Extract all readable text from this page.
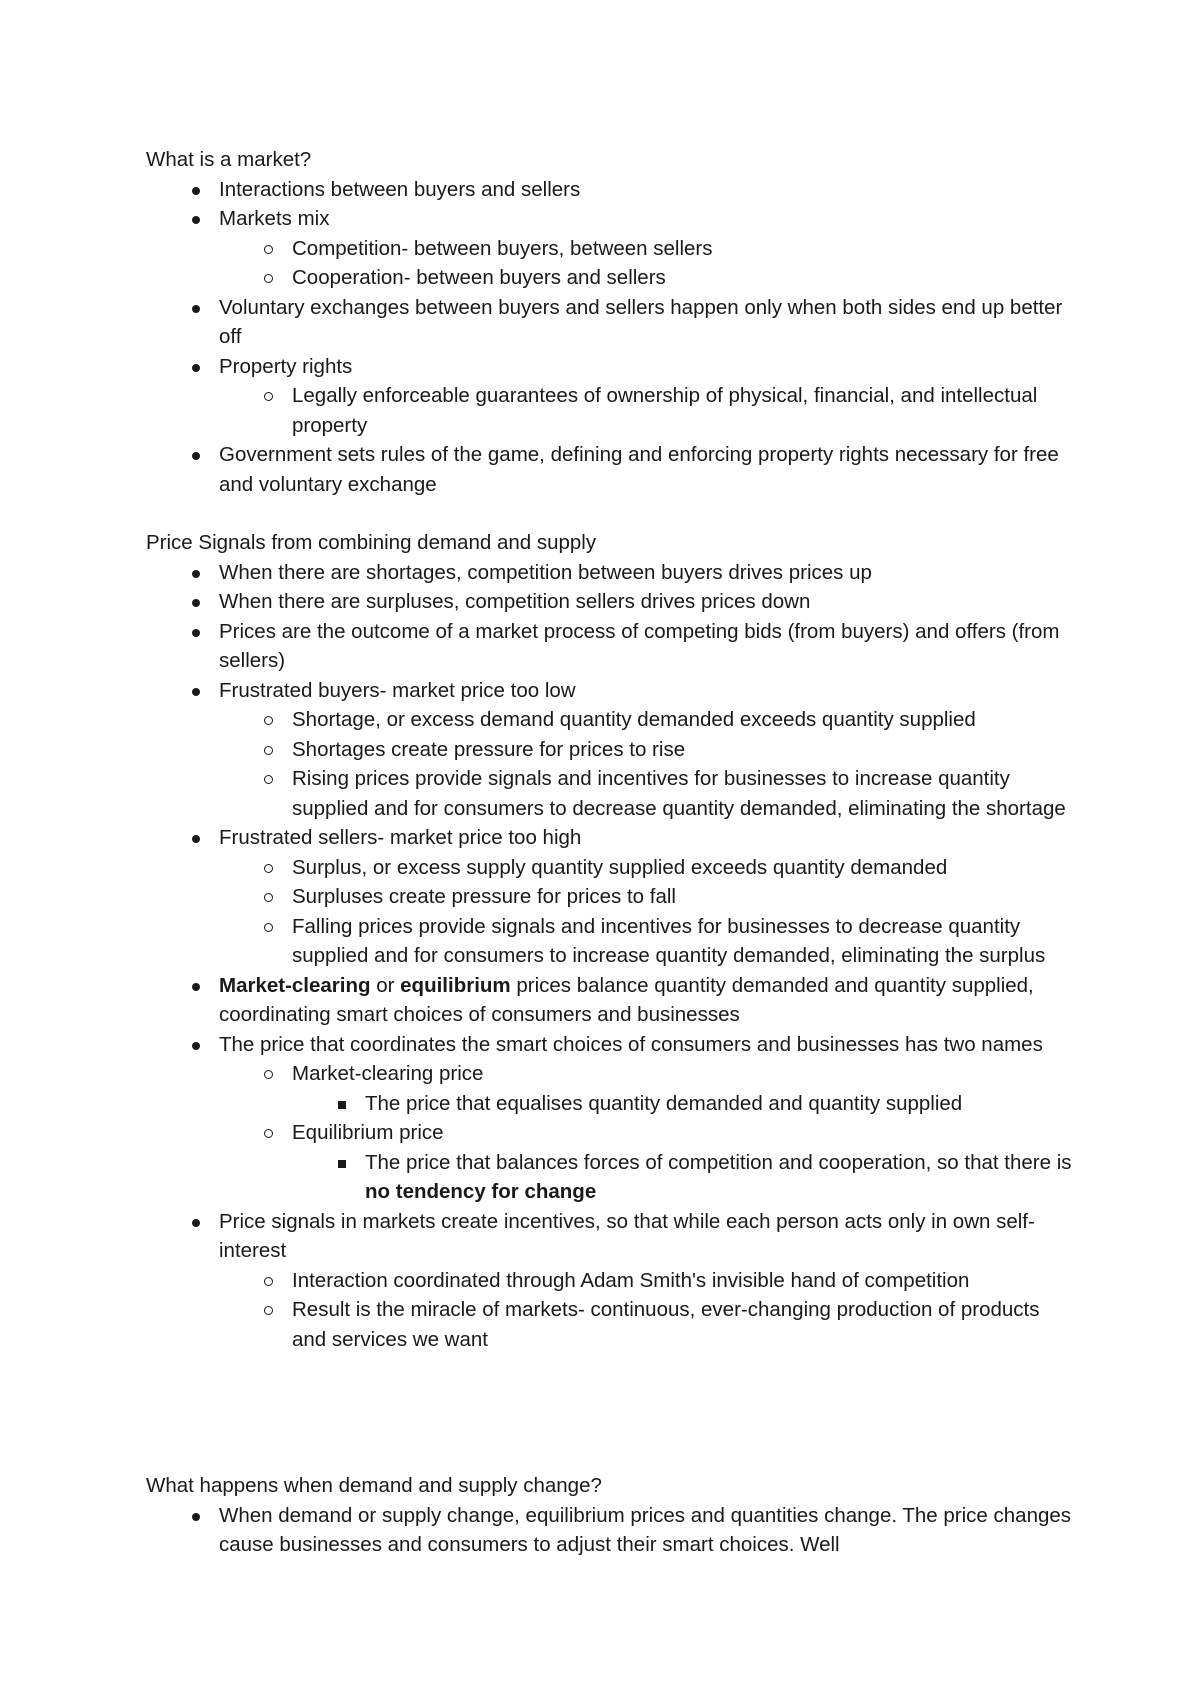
What is a market?

Interactions between buyers and sellers
Markets mix
Competition- between buyers, between sellers
Cooperation- between buyers and sellers
Voluntary exchanges between buyers and sellers happen only when both sides end up better off
Property rights
Legally enforceable guarantees of ownership of physical, financial, and intellectual property
Government sets rules of the game, defining and enforcing property rights necessary for free and voluntary exchange

Price Signals from combining demand and supply

When there are shortages, competition between buyers drives prices up
When there are surpluses, competition sellers drives prices down
Prices are the outcome of a market process of competing bids (from buyers) and offers (from sellers)
Frustrated buyers- market price too low
Shortage, or excess demand quantity demanded exceeds quantity supplied
Shortages create pressure for prices to rise
Rising prices provide signals and incentives for businesses to increase quantity supplied and for consumers to decrease quantity demanded, eliminating the shortage
Frustrated sellers- market price too high
Surplus, or excess supply quantity supplied exceeds quantity demanded
Surpluses create pressure for prices to fall
Falling prices provide signals and incentives for businesses to decrease quantity supplied and for consumers to increase quantity demanded, eliminating the surplus
Market-clearing or equilibrium prices balance quantity demanded and quantity supplied, coordinating smart choices of consumers and businesses
The price that coordinates the smart choices of consumers and businesses has two names
Market-clearing price
The price that equalises quantity demanded and quantity supplied
Equilibrium price
The price that balances forces of competition and cooperation, so that there is no tendency for change
Price signals in markets create incentives, so that while each person acts only in own self-interest
Interaction coordinated through Adam Smith's invisible hand of competition
Result is the miracle of markets- continuous, ever-changing production of products and services we want

What happens when demand and supply change?

When demand or supply change, equilibrium prices and quantities change. The price changes cause businesses and consumers to adjust their smart choices. Well
